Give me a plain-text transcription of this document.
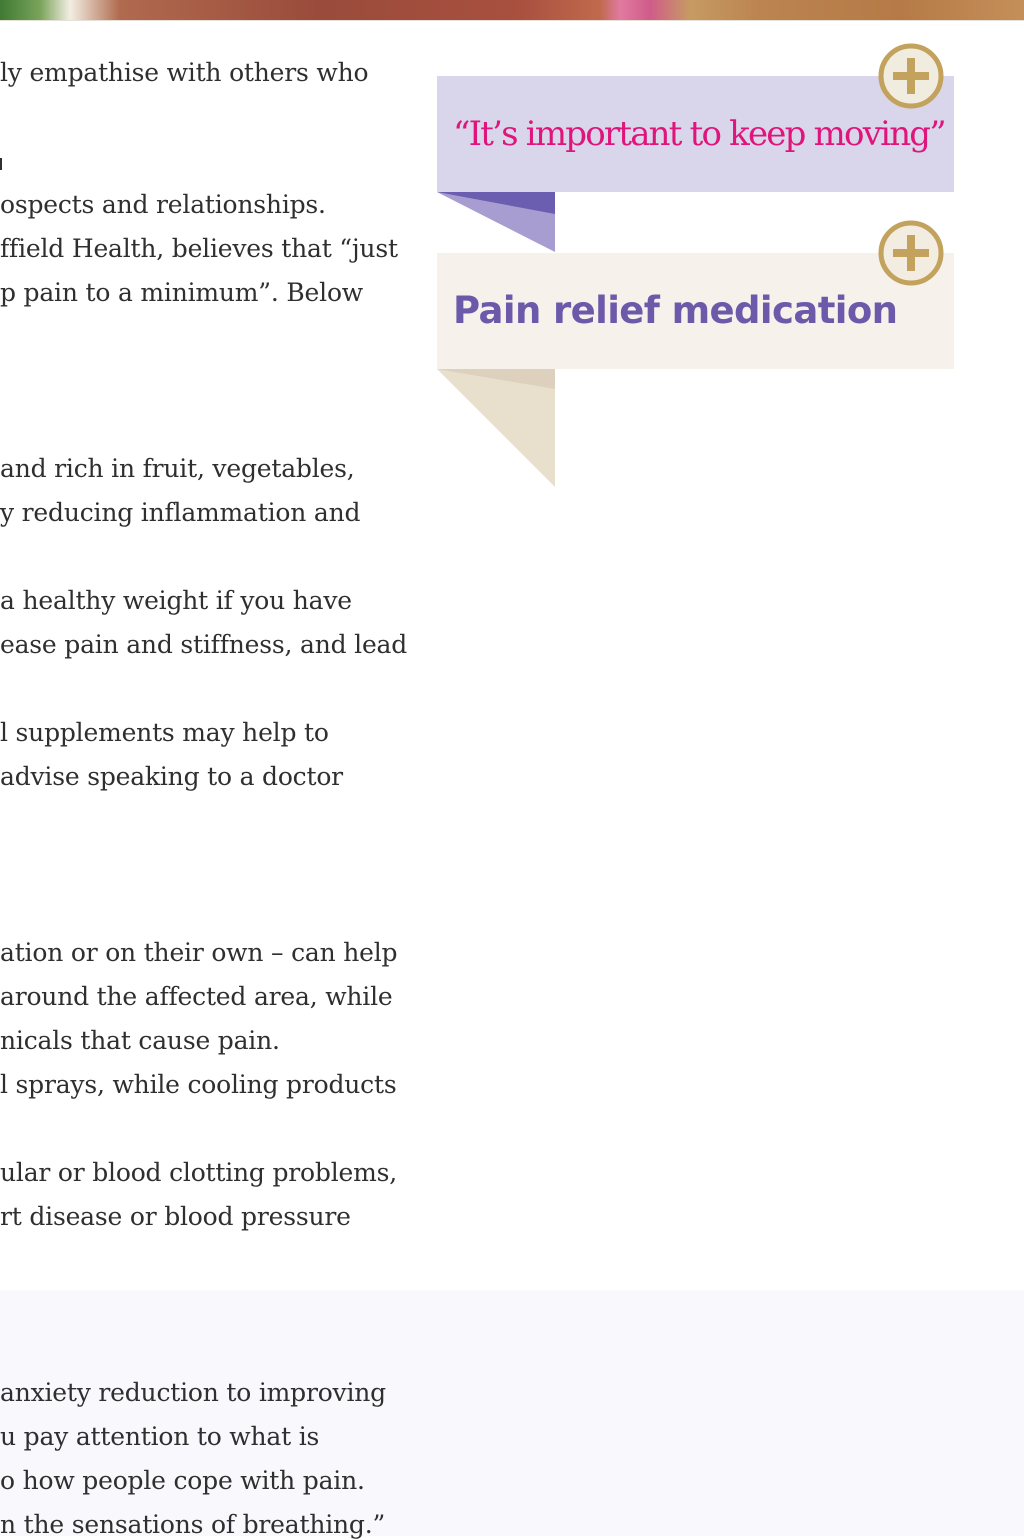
ly empathise with others who

ospects and relationships.

ffield Health, believes that “just

p pain to a minimum”. Below

and rich in fruit, vegetables,

y reducing inflammation and

a healthy weight if you have

ease pain and stiffness, and lead

l supplements may help to

advise speaking to a doctor

ation or on their own – can help

around the affected area, while

nicals that cause pain.

l sprays, while cooling products

ular or blood clotting problems,

rt disease or blood pressure

anxiety reduction to improving

u pay attention to what is

o how people cope with pain.

n the sensations of breathing.”

“It’s important to keep moving”
Pain relief medication
